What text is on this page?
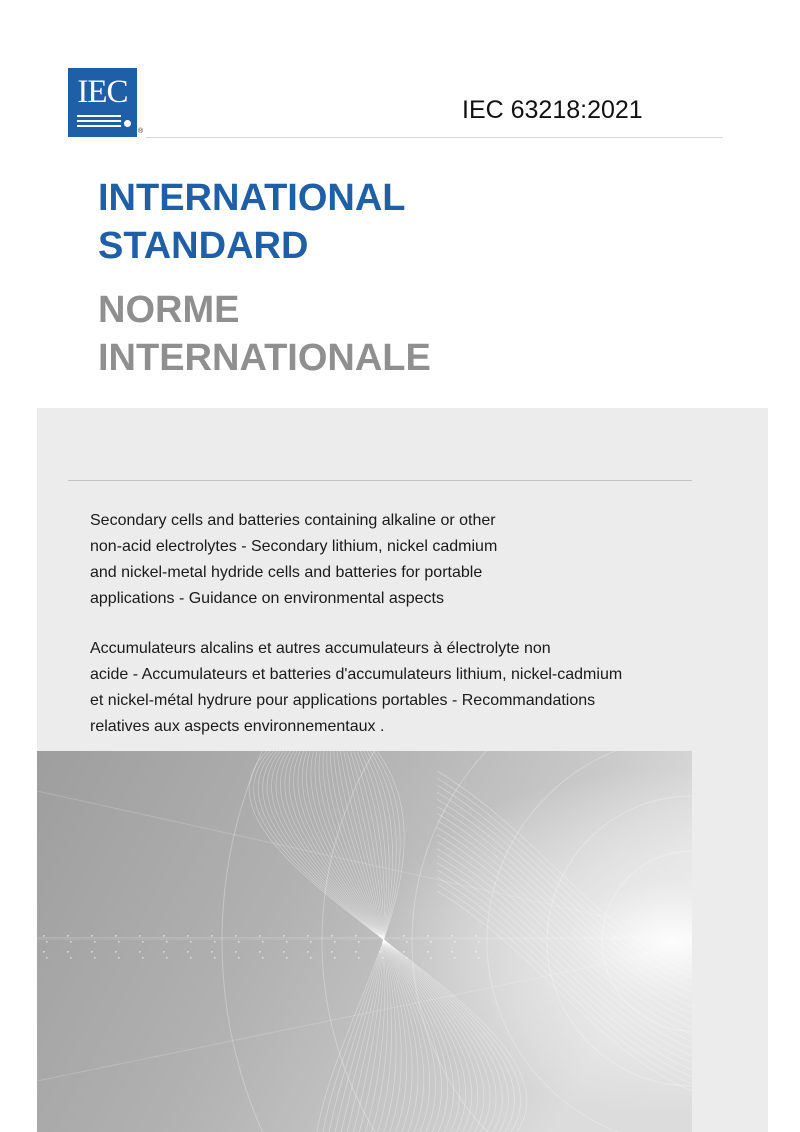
IEC
®
IEC 63218:2021
INTERNATIONAL
STANDARD
NORME
INTERNATIONALE

Secondary cells and batteries containing alkaline or other
non-acid electrolytes - Secondary lithium, nickel cadmium
and nickel-metal hydride cells and batteries for portable
applications - Guidance on environmental aspects

Accumulateurs alcalins et autres accumulateurs à électrolyte non
acide - Accumulateurs et batteries d'accumulateurs lithium, nickel-cadmium
et nickel-métal hydrure pour applications portables - Recommandations
relatives aux aspects environnementaux .
